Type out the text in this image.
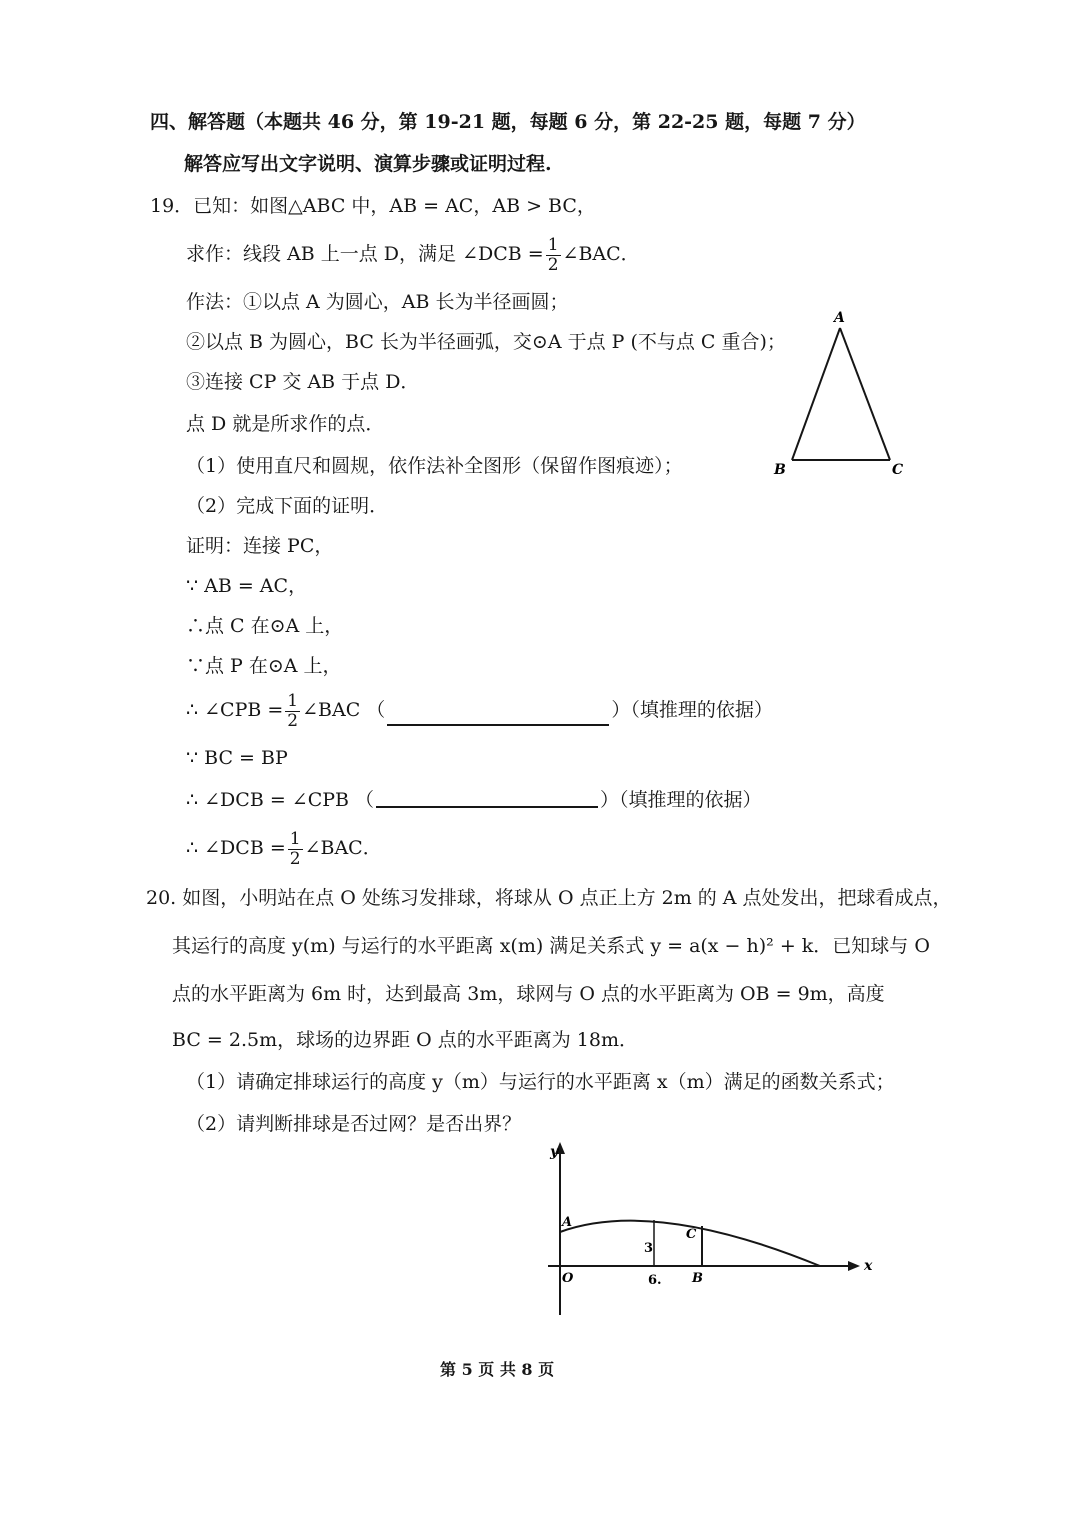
四、解答题（本题共 46 分，第 19-21 题，每题 6 分，第 22-25 题，每题 7 分）
解答应写出文字说明、演算步骤或证明过程.
19．已知：如图△ABC 中，AB = AC，AB > BC，
求作：线段 AB 上一点 D，满足 ∠DCB = $\frac{1}{2}$ ∠BAC．
作法：①以点 A 为圆心，AB 长为半径画圆；
②以点 B 为圆心，BC 长为半径画弧，交⊙A 于点 P (不与点 C 重合)；
③连接 CP 交 AB 于点 D．
点 D 就是所求作的点．
（1）使用直尺和圆规，依作法补全图形（保留作图痕迹）；
（2）完成下面的证明．
证明：连接 PC，
∵ AB = AC，
∴点 C 在⊙A 上，
∵点 P 在⊙A 上，
∴ ∠CPB = $\frac{1}{2}$ ∠BAC （	）（填推理的依据）
∵ BC = BP
∴ ∠DCB = ∠CPB （	）（填推理的依据）
∴ ∠DCB = $\frac{1}{2}$ ∠BAC．
A
B	C
20. 如图，小明站在点 O 处练习发排球，将球从 O 点正上方 2m 的 A 点处发出，把球看成点，
其运行的高度 y(m) 与运行的水平距离 x(m) 满足关系式 y = a(x − h)² + k．已知球与 O
点的水平距离为 6m 时，达到最高 3m，球网与 O 点的水平距离为 OB = 9m，高度
BC = 2.5m，球场的边界距 O 点的水平距离为 18m．
（1）请确定排球运行的高度 y（m）与运行的水平距离 x（m）满足的函数关系式；
（2）请判断排球是否过网？是否出界？
y
x
O
A
C
B
3
6.
第 5 页 共 8 页
